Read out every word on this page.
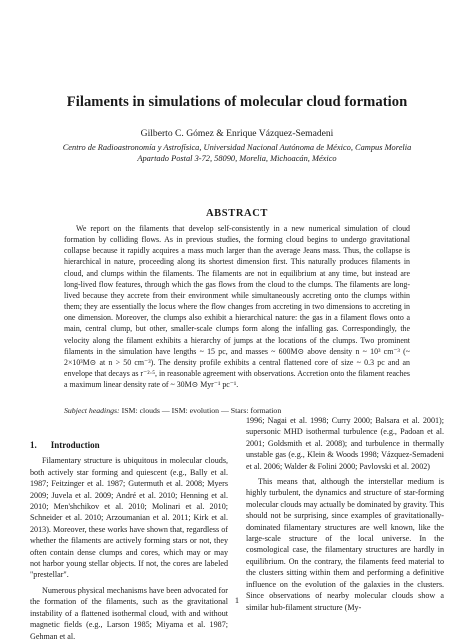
Filaments in simulations of molecular cloud formation
Gilberto C. Gómez & Enrique Vázquez-Semadeni
Centro de Radioastronomía y Astrofísica, Universidad Nacional Autónoma de México, Campus Morelia
Apartado Postal 3-72, 58090, Morelia, Michoacán, México
ABSTRACT

We report on the filaments that develop self-consistently in a new numerical simulation of cloud formation by colliding flows. As in previous studies, the forming cloud begins to undergo gravitational collapse because it rapidly acquires a mass much larger than the average Jeans mass. Thus, the collapse is hierarchical in nature, proceeding along its shortest dimension first. This naturally produces filaments in cloud, and clumps within the filaments. The filaments are not in equilibrium at any time, but instead are long-lived flow features, through which the gas flows from the cloud to the clumps. The filaments are long-lived because they accrete from their environment while simultaneously accreting onto the clumps within them; they are essentially the locus where the flow changes from accreting in two dimensions to accreting in one dimension. Moreover, the clumps also exhibit a hierarchical nature: the gas in a filament flows onto a main, central clump, but other, smaller-scale clumps form along the infalling gas. Correspondingly, the velocity along the filament exhibits a hierarchy of jumps at the locations of the clumps. Two prominent filaments in the simulation have lengths ~ 15 pc, and masses ~ 600M⊙ above density n ~ 10³ cm⁻³ (~ 2×10³M⊙ at n > 50 cm⁻³). The density profile exhibits a central flattened core of size ~ 0.3 pc and an envelope that decays as r⁻²·⁵, in reasonable agreement with observations. Accretion onto the filament reaches a maximum linear density rate of ~ 30M⊙ Myr⁻¹ pc⁻¹.

Subject headings: ISM: clouds — ISM: evolution — Stars: formation
1. Introduction

Filamentary structure is ubiquitous in molecular clouds, both actively star forming and quiescent (e.g., Bally et al. 1987; Feitzinger et al. 1987; Gutermuth et al. 2008; Myers 2009; Juvela et al. 2009; André et al. 2010; Henning et al. 2010; Men'shchikov et al. 2010; Molinari et al. 2010; Schneider et al. 2010; Arzoumanian et al. 2011; Kirk et al. 2013). Moreover, these works have shown that, regardless of whether the filaments are actively forming stars or not, they often contain dense clumps and cores, which may or may not harbor young stellar objects. If not, the cores are labeled "prestellar".

Numerous physical mechanisms have been advocated for the formation of the filaments, such as the gravitational instability of a flattened isothermal cloud, with and without magnetic fields (e.g., Larson 1985; Miyama et al. 1987; Gehman et al.

1996; Nagai et al. 1998; Curry 2000; Balsara et al. 2001); supersonic MHD isothermal turbulence (e.g., Padoan et al. 2001; Goldsmith et al. 2008); and turbulence in thermally unstable gas (e.g., Klein & Woods 1998; Vázquez-Semadeni et al. 2006; Walder & Folini 2000; Pavlovski et al. 2002)

This means that, although the interstellar medium is highly turbulent, the dynamics and structure of star-forming molecular clouds may actually be dominated by gravity. This should not be surprising, since examples of gravitationally-dominated filamentary structures are well known, like the large-scale structure of the local universe. In the cosmological case, the filamentary structures are hardly in equilibrium. On the contrary, the filaments feed material to the clusters sitting within them and performing a definitive influence on the evolution of the galaxies in the clusters. Since observations of nearby molecular clouds show a similar hub-filament structure (My-

1
